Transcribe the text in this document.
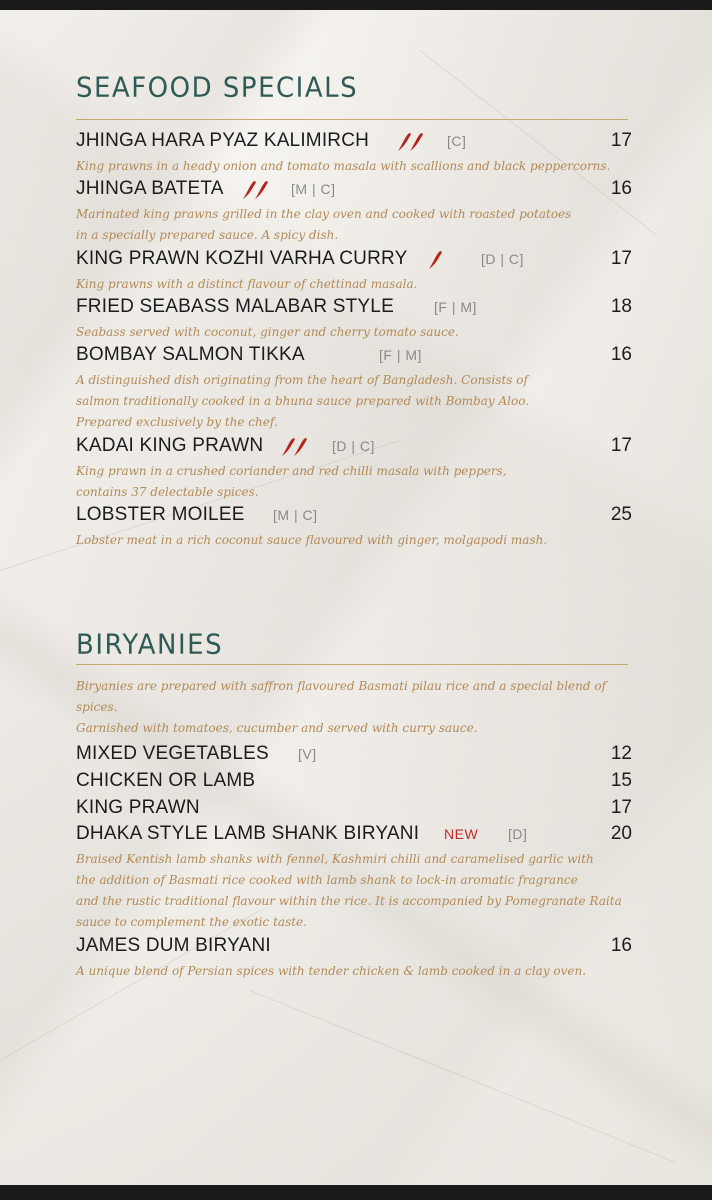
SEAFOOD SPECIALS
JHINGA HARA PYAZ KALIMIRCH	[C]	17

King prawns in a heady onion and tomato masala with scallions and black peppercorns.

JHINGA BATETA	[M | C]	16

Marinated king prawns grilled in the clay oven and cooked with roasted potatoes
in a specially prepared sauce. A spicy dish.

KING PRAWN KOZHI VARHA CURRY	[D | C]	17

King prawns with a distinct flavour of chettinad masala.

FRIED SEABASS MALABAR STYLE	[F | M]	18

Seabass served with coconut, ginger and cherry tomato sauce.

BOMBAY SALMON TIKKA	[F | M]	16

A distinguished dish originating from the heart of Bangladesh. Consists of
salmon traditionally cooked in a bhuna sauce prepared with Bombay Aloo.
Prepared exclusively by the chef.

KADAI KING PRAWN	[D | C]	17

King prawn in a crushed coriander and red chilli masala with peppers,
contains 37 delectable spices.

LOBSTER MOILEE [M | C]	25

Lobster meat in a rich coconut sauce flavoured with ginger, molgapodi mash.

BIRYANIES

Biryanies are prepared with saffron flavoured Basmati pilau rice and a special blend of spices.
Garnished with tomatoes, cucumber and served with curry sauce.

MIXED VEGETABLES [V]	12
CHICKEN OR LAMB	15
KING PRAWN	17
DHAKA STYLE LAMB SHANK BIRYANI NEW [D]	20

Braised Kentish lamb shanks with fennel, Kashmiri chilli and caramelised garlic with
the addition of Basmati rice cooked with lamb shank to lock-in aromatic fragrance
and the rustic traditional flavour within the rice. It is accompanied by Pomegranate Raita
sauce to complement the exotic taste.

JAMES DUM BIRYANI	16

A unique blend of Persian spices with tender chicken & lamb cooked in a clay oven.
